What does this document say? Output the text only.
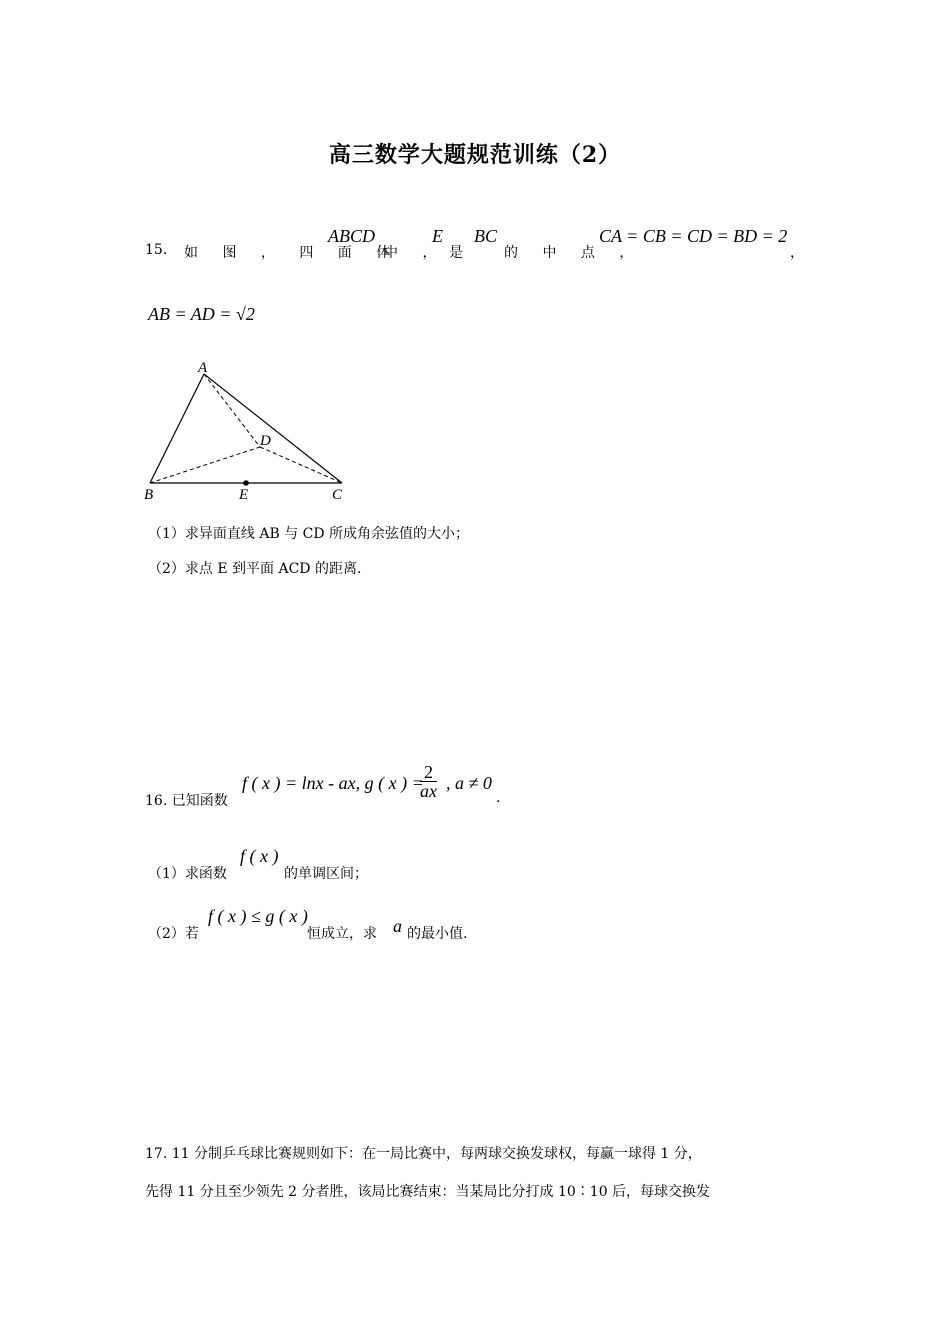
高三数学大题规范训练（2）
15. 如 图 ， 四 面 体
ABCD
中 ，
E
是
BC
的 中 点 ，
CA = CB = CD = BD = 2
，
AB = AD = √2
A
B	C
D
E
（1）求异面直线 AB 与 CD 所成角余弦值的大小；
（2）求点 E 到平面 ACD 的距离.
16. 已知函数
f ( x ) = lnx - ax, g ( x ) =
$\frac{2}{ax}$ , a ≠ 0
.
（1）求函数
f ( x )
的单调区间；
（2）若
f ( x ) ≤ g ( x )
恒成立，求 a 的最小值.
17. 11 分制乒乓球比赛规则如下：在一局比赛中，每两球交换发球权，每赢一球得 1 分，
先得 11 分且至少领先 2 分者胜，该局比赛结束：当某局比分打成 10∶10 后，每球交换发
